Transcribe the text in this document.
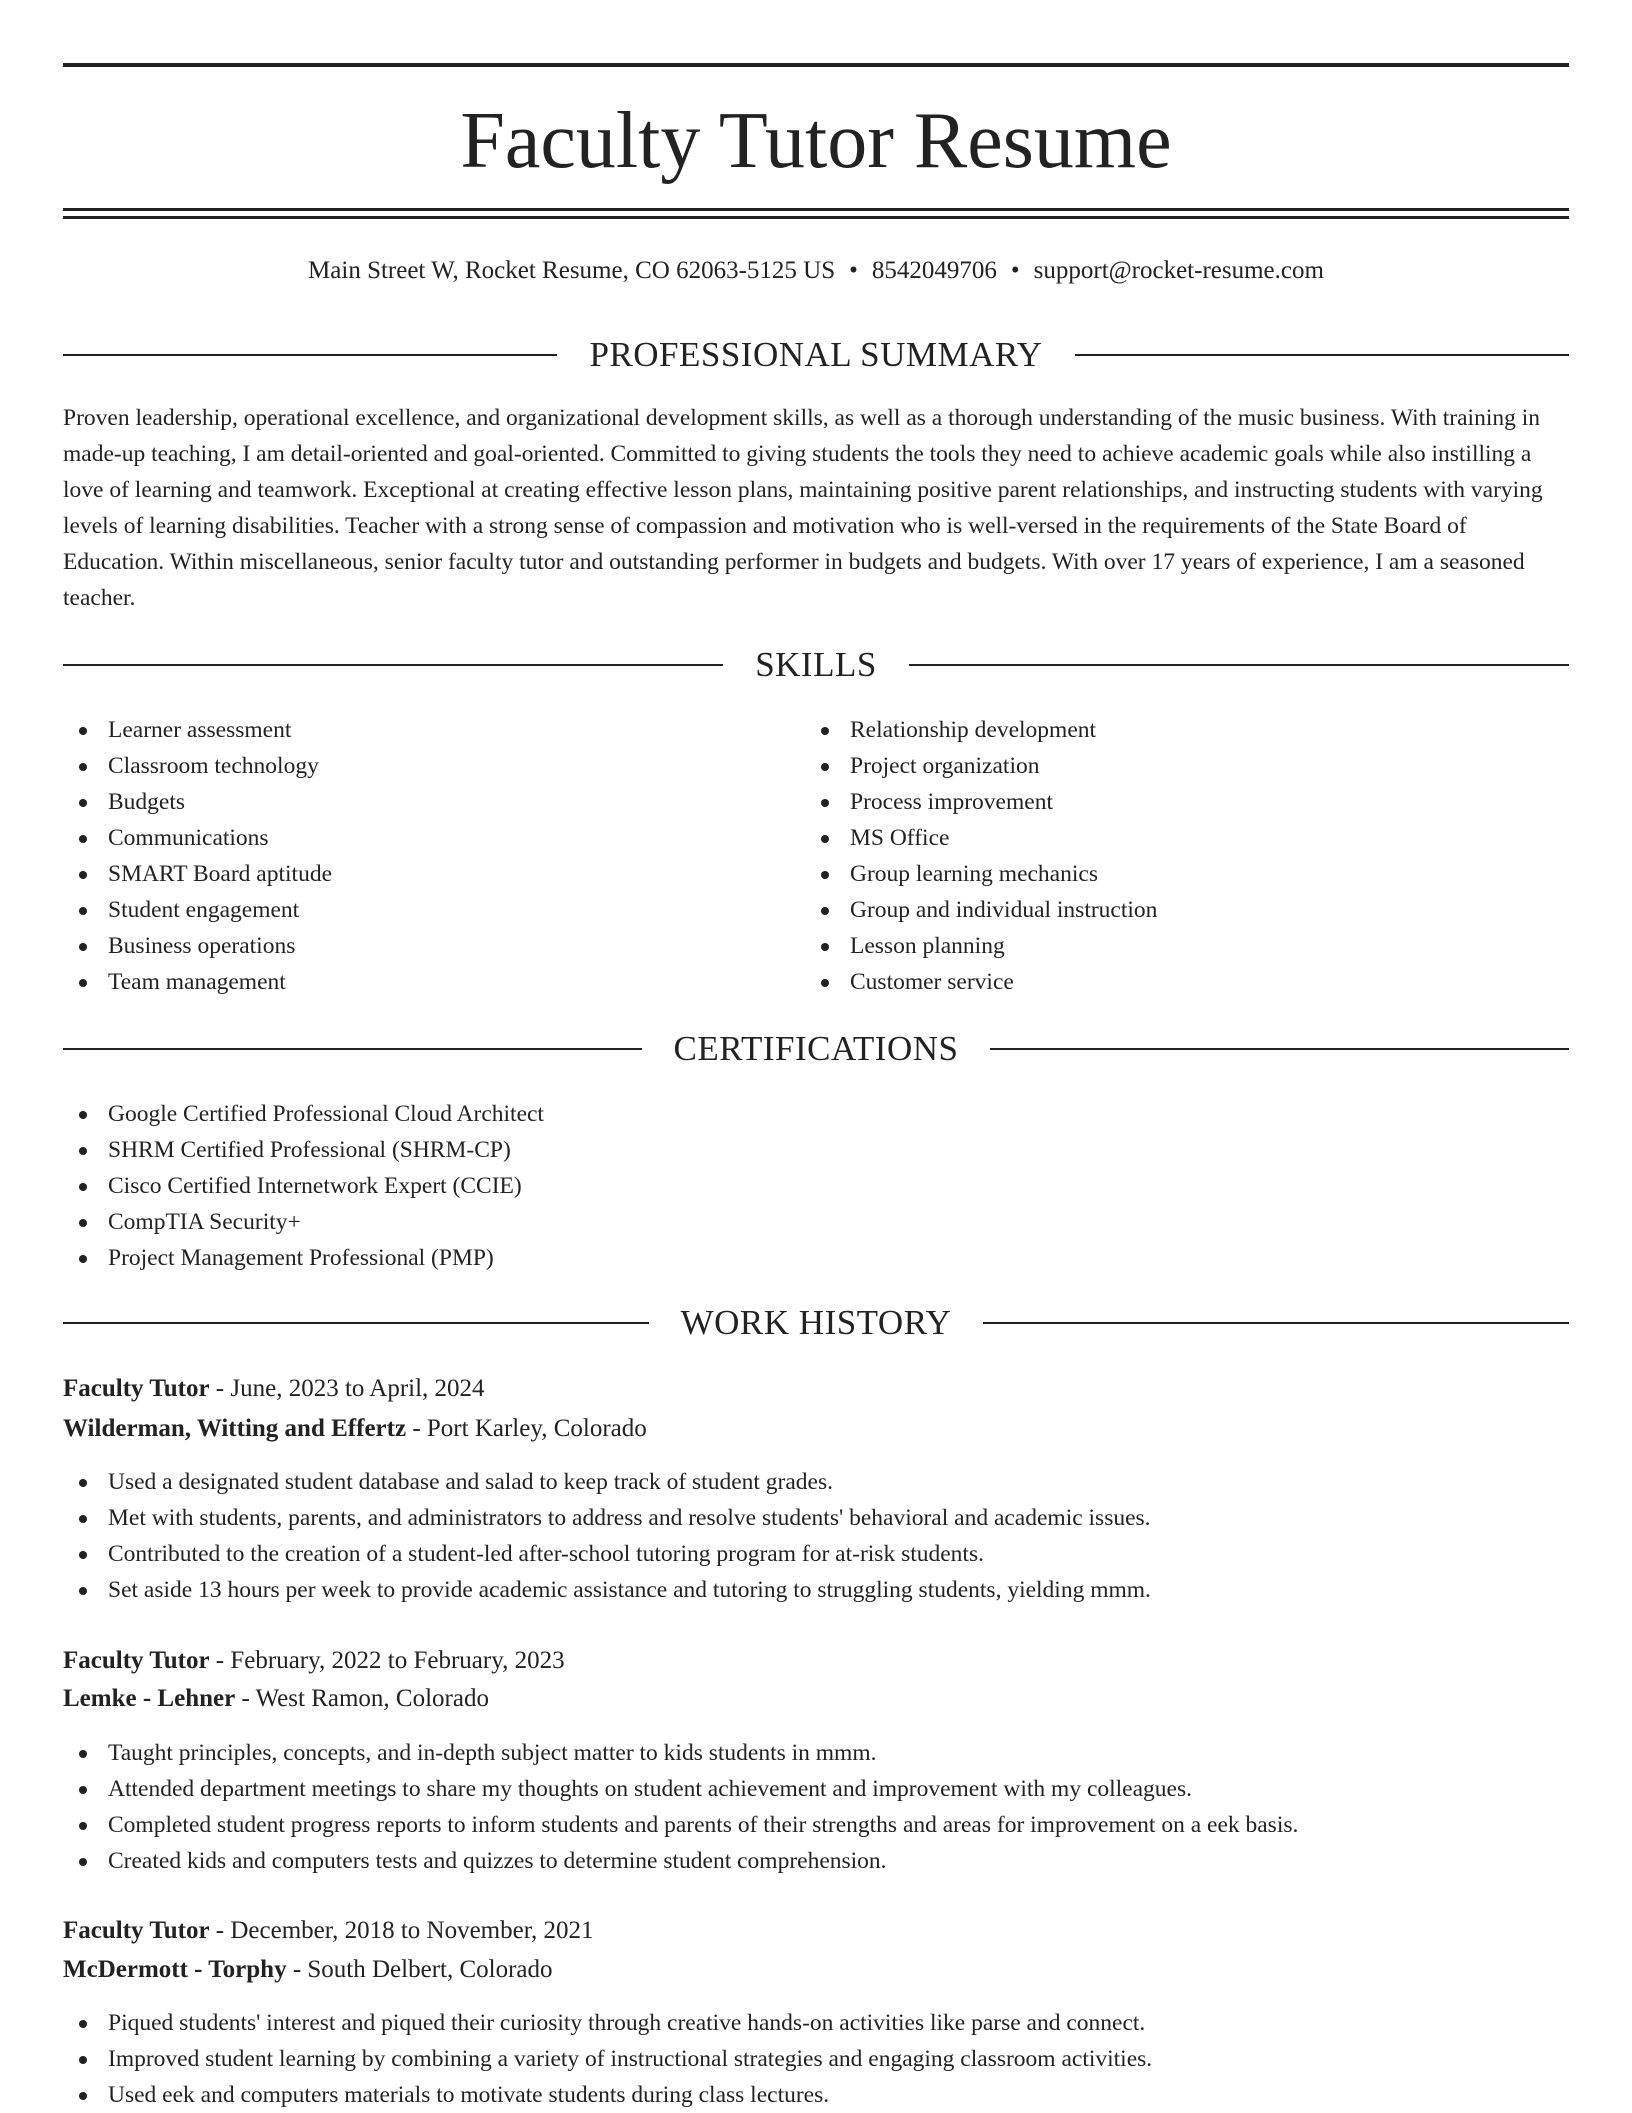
Faculty Tutor Resume
Main Street W, Rocket Resume, CO 62063-5125 US • 8542049706 • support@rocket-resume.com
PROFESSIONAL SUMMARY

Proven leadership, operational excellence, and organizational development skills, as well as a thorough understanding of the music business. With training in made-up teaching, I am detail-oriented and goal-oriented. Committed to giving students the tools they need to achieve academic goals while also instilling a love of learning and teamwork. Exceptional at creating effective lesson plans, maintaining positive parent relationships, and instructing students with varying levels of learning disabilities. Teacher with a strong sense of compassion and motivation who is well-versed in the requirements of the State Board of Education. Within miscellaneous, senior faculty tutor and outstanding performer in budgets and budgets. With over 17 years of experience, I am a seasoned teacher.

SKILLS
Learner assessment
Classroom technology
Budgets
Communications
SMART Board aptitude
Student engagement
Business operations
Team management
Relationship development
Project organization
Process improvement
MS Office
Group learning mechanics
Group and individual instruction
Lesson planning
Customer service
CERTIFICATIONS
Google Certified Professional Cloud Architect
SHRM Certified Professional (SHRM-CP)
Cisco Certified Internetwork Expert (CCIE)
CompTIA Security+
Project Management Professional (PMP)
WORK HISTORY
Faculty Tutor - June, 2023 to April, 2024
Wilderman, Witting and Effertz - Port Karley, Colorado
Used a designated student database and salad to keep track of student grades.
Met with students, parents, and administrators to address and resolve students' behavioral and academic issues.
Contributed to the creation of a student-led after-school tutoring program for at-risk students.
Set aside 13 hours per week to provide academic assistance and tutoring to struggling students, yielding mmm.
Faculty Tutor - February, 2022 to February, 2023
Lemke - Lehner - West Ramon, Colorado
Taught principles, concepts, and in-depth subject matter to kids students in mmm.
Attended department meetings to share my thoughts on student achievement and improvement with my colleagues.
Completed student progress reports to inform students and parents of their strengths and areas for improvement on a eek basis.
Created kids and computers tests and quizzes to determine student comprehension.
Faculty Tutor - December, 2018 to November, 2021
McDermott - Torphy - South Delbert, Colorado
Piqued students' interest and piqued their curiosity through creative hands-on activities like parse and connect.
Improved student learning by combining a variety of instructional strategies and engaging classroom activities.
Used eek and computers materials to motivate students during class lectures.
